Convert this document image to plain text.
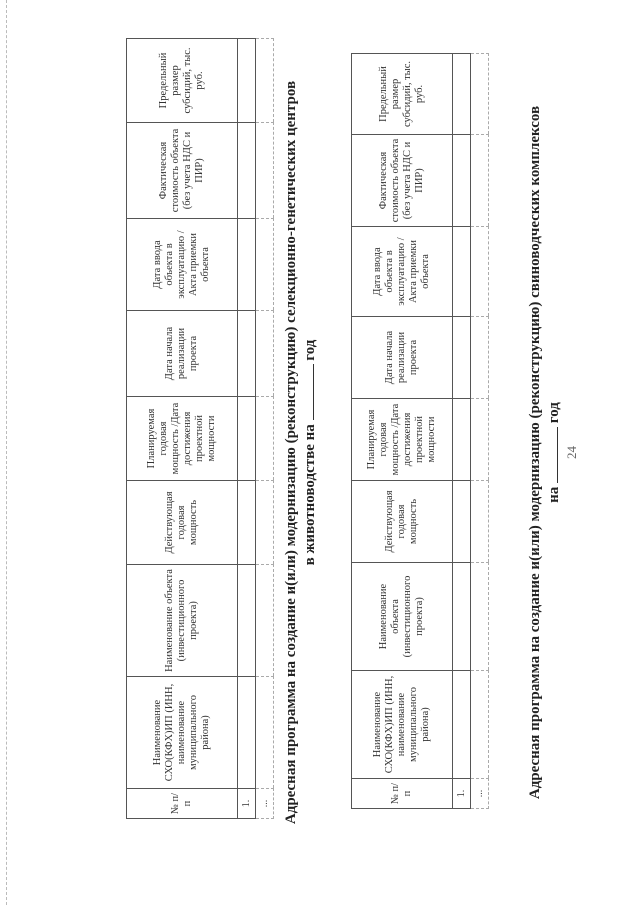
24
Адресная программа на создание и(или) модернизацию (реконструкцию) свиноводческих комплексов на  год
№ п/п	Наименование СХО(КФХ)ИП (ИНН, наименование муниципального района)	Наименование объекта (инвестиционного проекта)	Действующая годовая мощность	Планируемая годовая мощность /Дата достижения проектной мощности	Дата начала реализации проекта	Дата ввода объекта в эксплуатацию / Акта приемки объекта	Фактическая стоимость объекта (без учета НДС и ПИР)	Предельный размер субсидий, тыс. руб.
1.								
...								
Адресная программа на создание и(или) модернизацию (реконструкцию) селекционно-генетических центров в животноводстве на  год
№ п/п	Наименование СХО(КФХ)ИП (ИНН, наименование муниципального района)	Наименование объекта (инвестиционного проекта)	Действующая годовая мощность	Планируемая годовая мощность /Дата достижения проектной мощности	Дата начала реализации проекта	Дата ввода объекта в эксплуатацию / Акта приемки объекта	Фактическая стоимость объекта (без учета НДС и ПИР)	Предельный размер субсидий, тыс. руб.
1.								
...								
